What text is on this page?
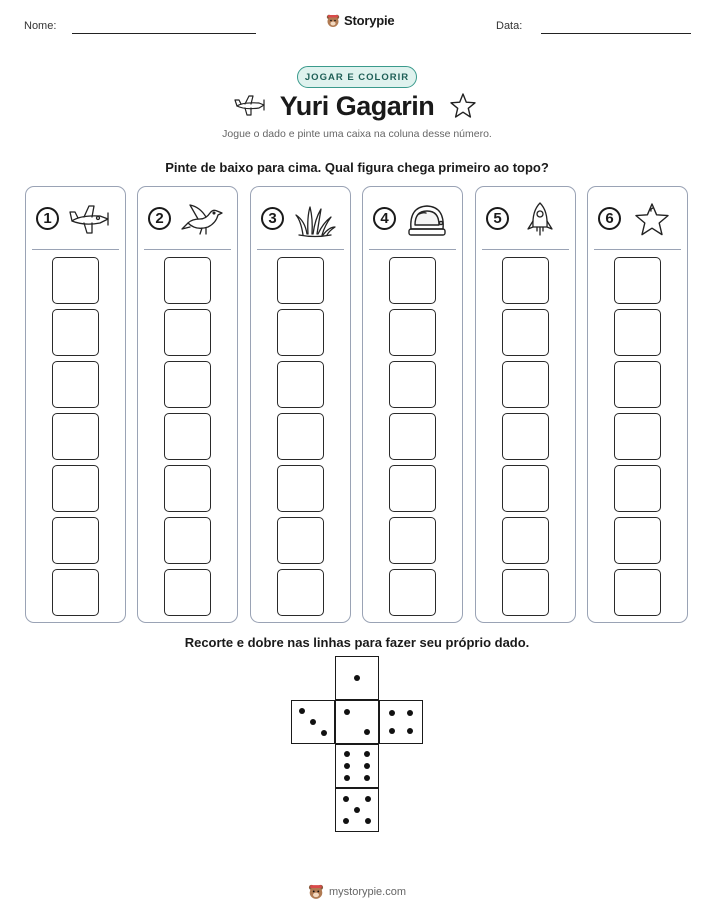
Nome:	Storypie	Data:
JOGAR E COLORIR
Yuri Gagarin
Jogue o dado e pinte uma caixa na coluna desse número.
Pinte de baixo para cima. Qual figura chega primeiro ao topo?
1	2	3	4	5	6
Recorte e dobre nas linhas para fazer seu próprio dado.
mystorypie.com
